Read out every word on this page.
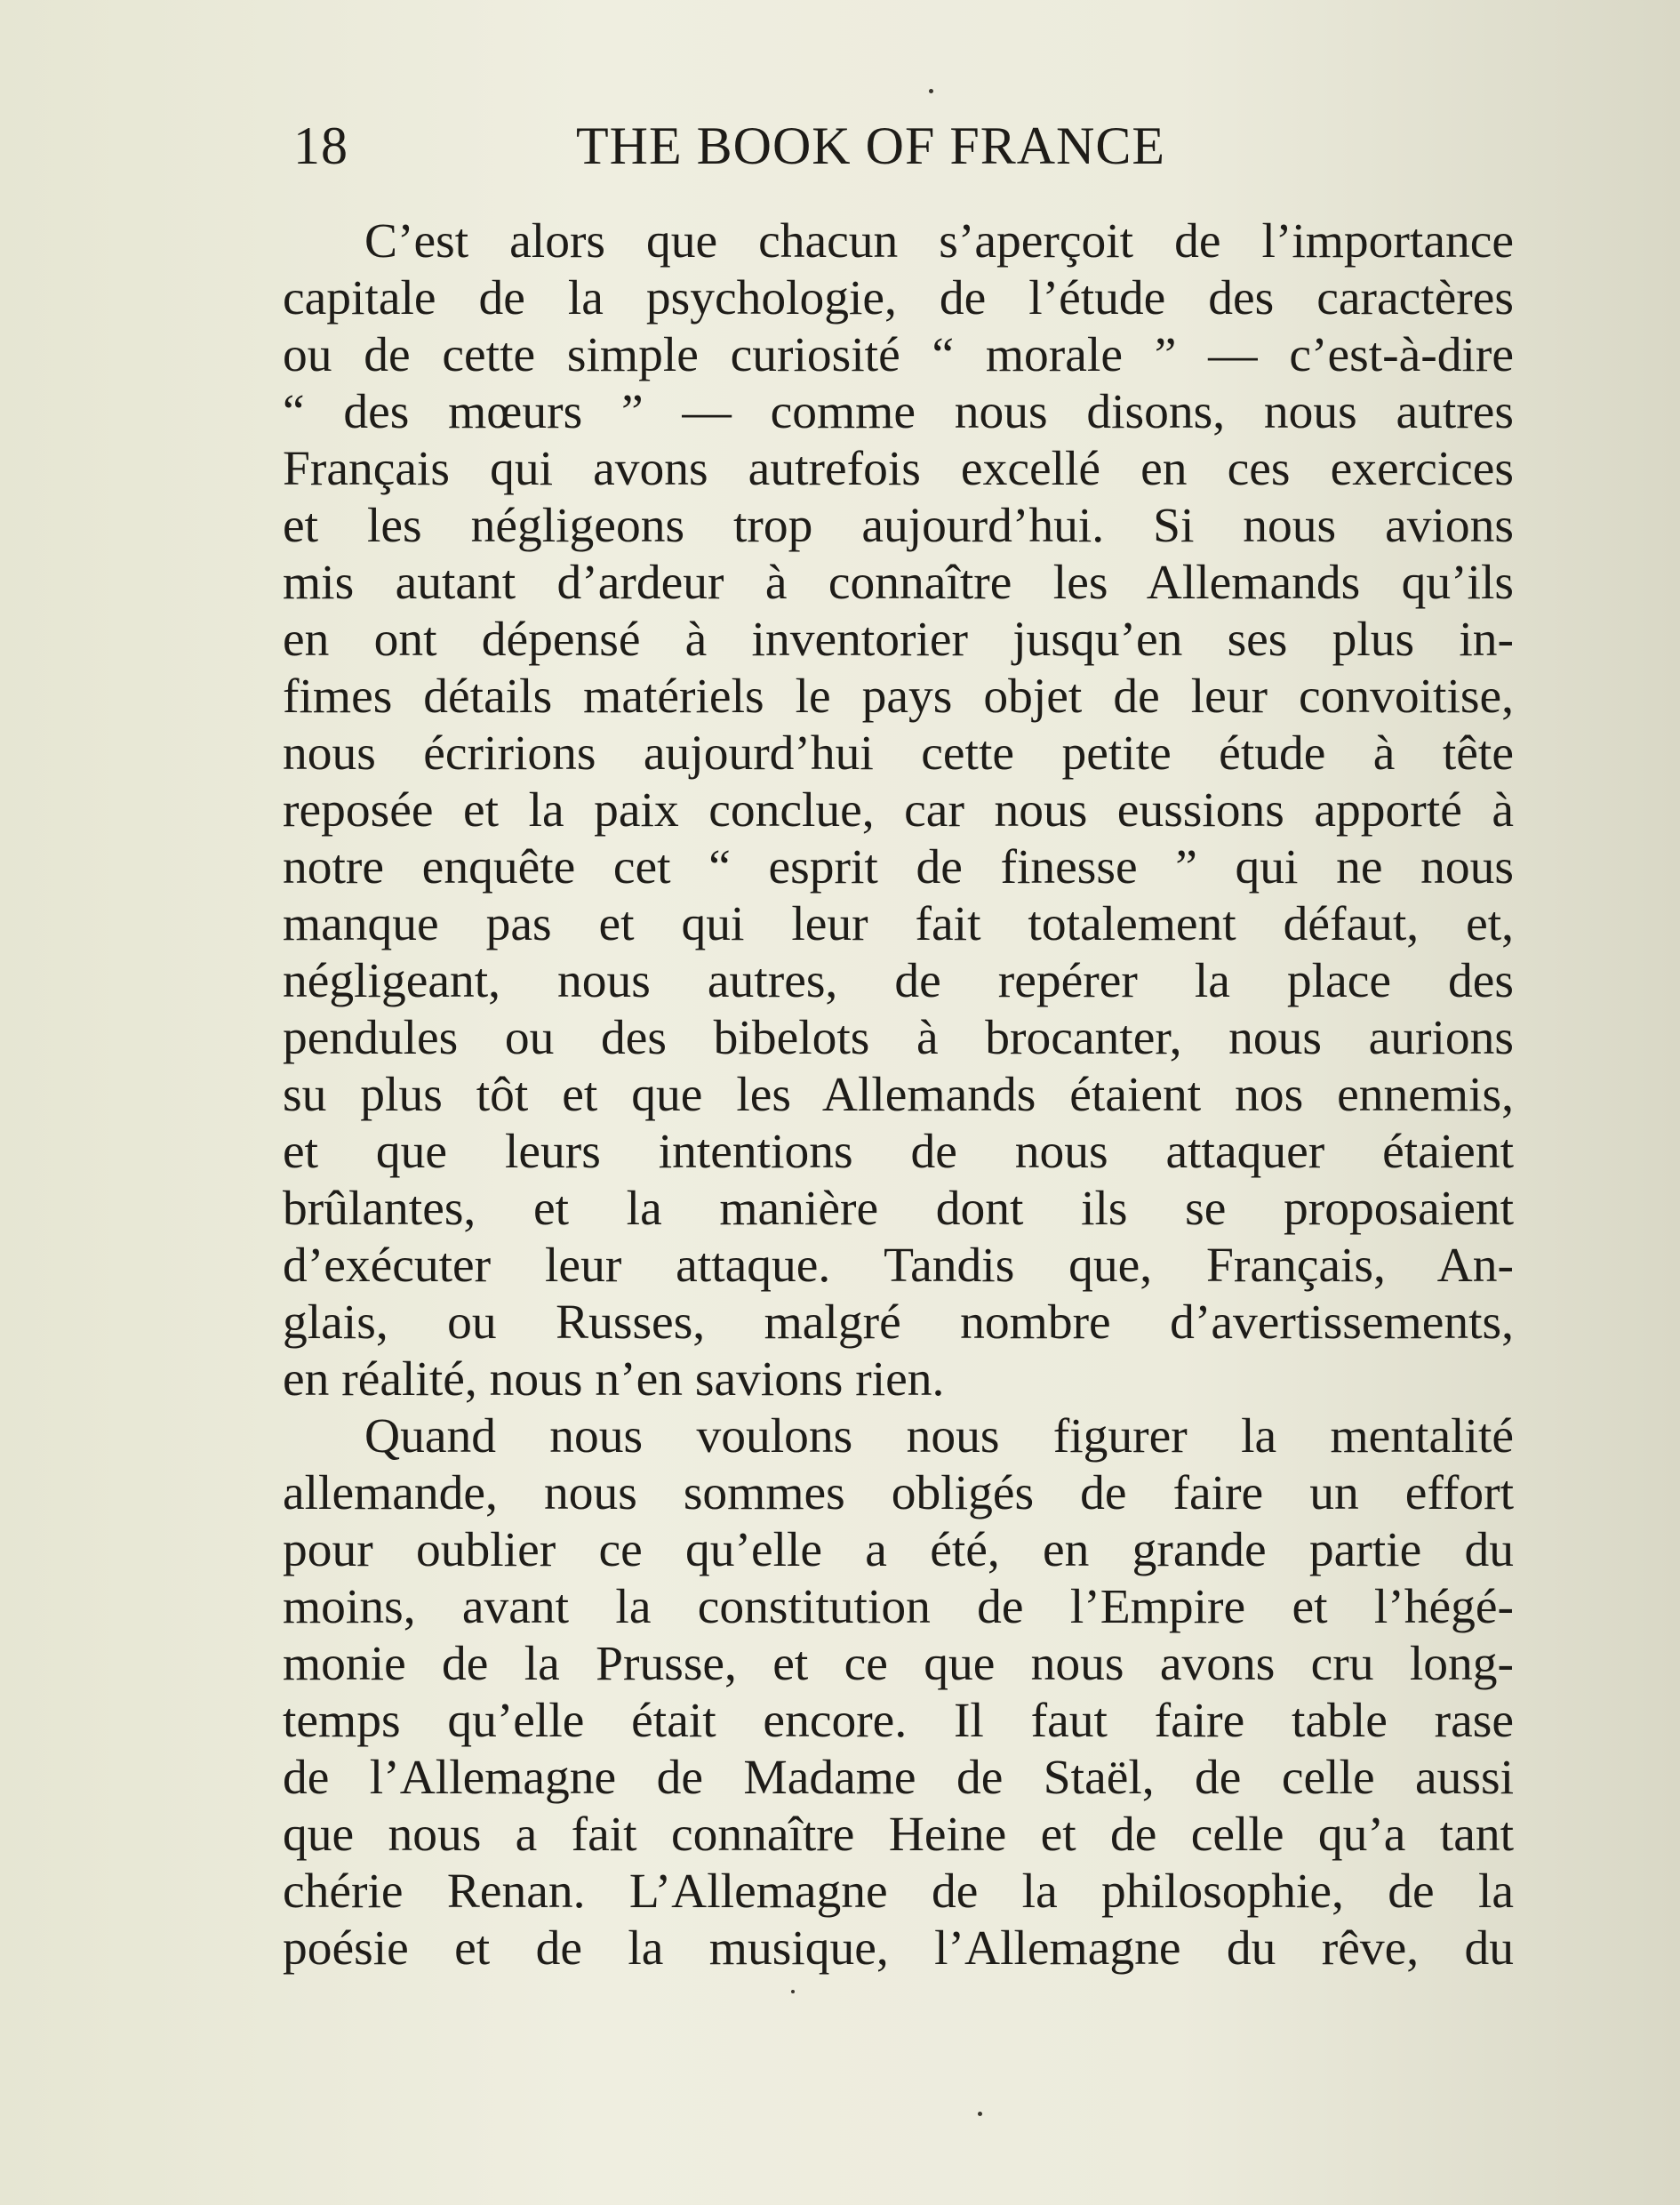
18	THE BOOK OF FRANCE
C’est alors que chacun s’aperçoit de l’importance
capitale de la psychologie, de l’étude des caractères
ou de cette simple curiosité “ morale ” — c’est-à-dire
“ des mœurs ” — comme nous disons, nous autres
Français qui avons autrefois excellé en ces exercices
et les négligeons trop aujourd’hui. Si nous avions
mis autant d’ardeur à connaître les Allemands qu’ils
en ont dépensé à inventorier jusqu’en ses plus in-
fimes détails matériels le pays objet de leur convoitise,
nous écririons aujourd’hui cette petite étude à tête
reposée et la paix conclue, car nous eussions apporté à
notre enquête cet “ esprit de finesse ” qui ne nous
manque pas et qui leur fait totalement défaut, et,
négligeant, nous autres, de repérer la place des
pendules ou des bibelots à brocanter, nous aurions
su plus tôt et que les Allemands étaient nos ennemis,
et que leurs intentions de nous attaquer étaient
brûlantes, et la manière dont ils se proposaient
d’exécuter leur attaque. Tandis que, Français, An-
glais, ou Russes, malgré nombre d’avertissements,
en réalité, nous n’en savions rien.
Quand nous voulons nous figurer la mentalité
allemande, nous sommes obligés de faire un effort
pour oublier ce qu’elle a été, en grande partie du
moins, avant la constitution de l’Empire et l’hégé-
monie de la Prusse, et ce que nous avons cru long-
temps qu’elle était encore. Il faut faire table rase
de l’Allemagne de Madame de Staël, de celle aussi
que nous a fait connaître Heine et de celle qu’a tant
chérie Renan. L’Allemagne de la philosophie, de la
poésie et de la musique, l’Allemagne du rêve, du
